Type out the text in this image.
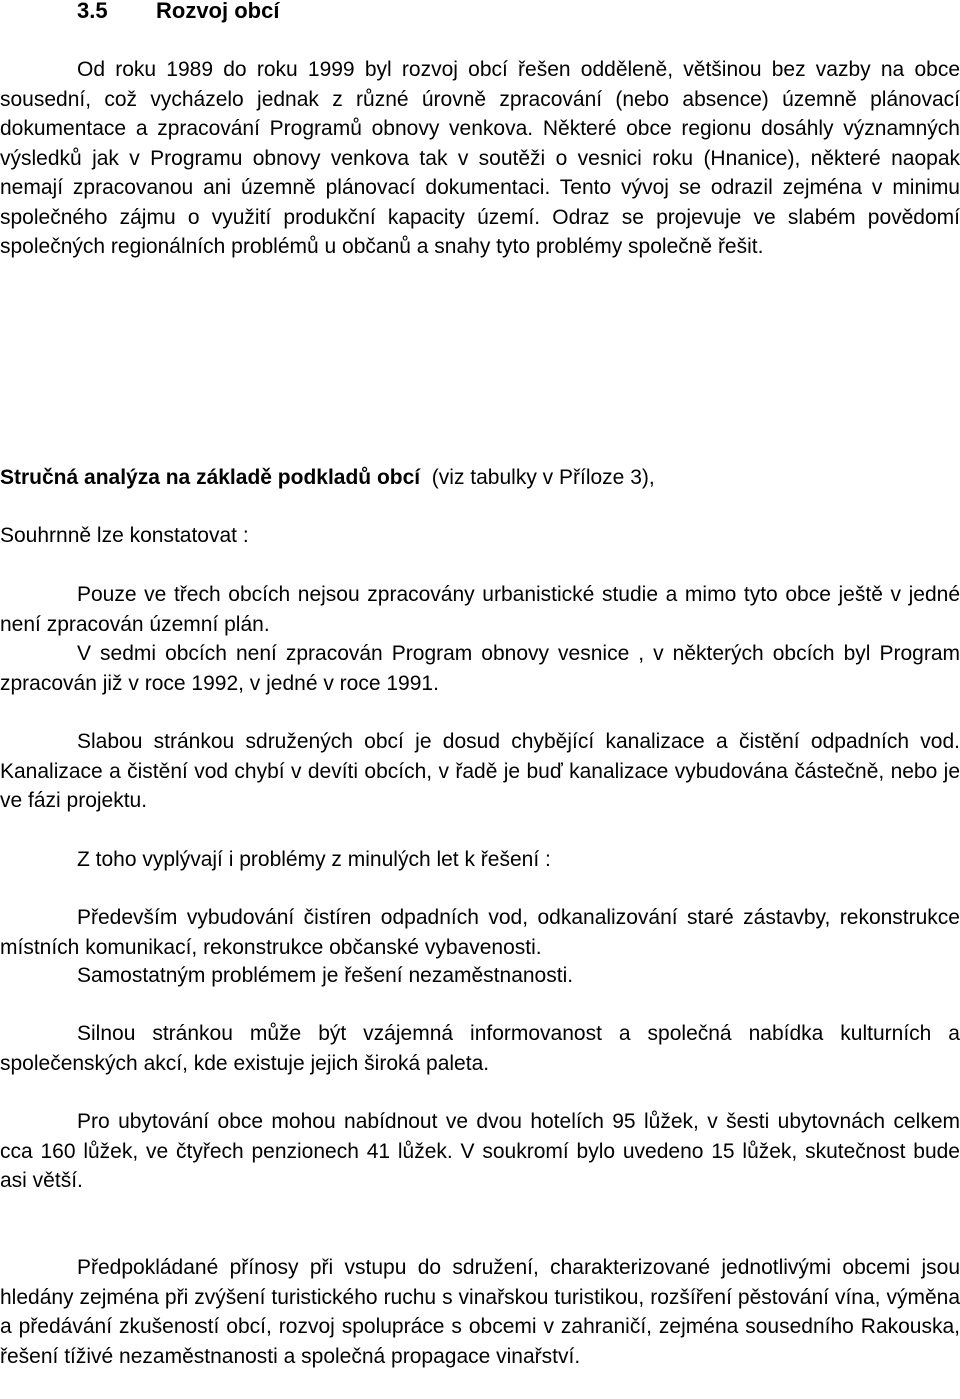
3.5 Rozvoj obcí

Od roku 1989 do roku 1999 byl rozvoj obcí řešen odděleně, většinou bez vazby na obce sousední, což vycházelo jednak z různé úrovně zpracování (nebo absence) územně plánovací dokumentace a zpracování Programů obnovy venkova. Některé obce regionu dosáhly významných výsledků jak v Programu obnovy venkova tak v soutěži o vesnici roku (Hnanice), některé naopak nemají zpracovanou ani územně plánovací dokumentaci. Tento vývoj se odrazil zejména v minimu společného zájmu o využití produkční kapacity území. Odraz se projevuje ve slabém povědomí společných regionálních problémů u občanů a snahy tyto problémy společně řešit.

Stručná analýza na základě podkladů obcí (viz tabulky v Příloze 3),

Souhrnně lze konstatovat :

Pouze ve třech obcích nejsou zpracovány urbanistické studie a mimo tyto obce ještě v jedné není zpracován územní plán.

V sedmi obcích není zpracován Program obnovy vesnice , v některých obcích byl Program zpracován již v roce 1992, v jedné v roce 1991.

Slabou stránkou sdružených obcí je dosud chybějící kanalizace a čistění odpadních vod. Kanalizace a čistění vod chybí v devíti obcích, v řadě je buď kanalizace vybudována částečně, nebo je ve fázi projektu.

Z toho vyplývají i problémy z minulých let k řešení :

Především vybudování čistíren odpadních vod, odkanalizování staré zástavby, rekonstrukce místních komunikací, rekonstrukce občanské vybavenosti.

Samostatným problémem je řešení nezaměstnanosti.

Silnou stránkou může být vzájemná informovanost a společná nabídka kulturních a společenských akcí, kde existuje jejich široká paleta.

Pro ubytování obce mohou nabídnout ve dvou hotelích 95 lůžek, v šesti ubytovnách celkem cca 160 lůžek, ve čtyřech penzionech 41 lůžek. V soukromí bylo uvedeno 15 lůžek, skutečnost bude asi větší.

Předpokládané přínosy při vstupu do sdružení, charakterizované jednotlivými obcemi jsou hledány zejména při zvýšení turistického ruchu s vinařskou turistikou, rozšíření pěstování vína, výměna a předávání zkušeností obcí, rozvoj spolupráce s obcemi v zahraničí, zejména sousedního Rakouska, řešení tíživé nezaměstnanosti a společná propagace vinařství.
